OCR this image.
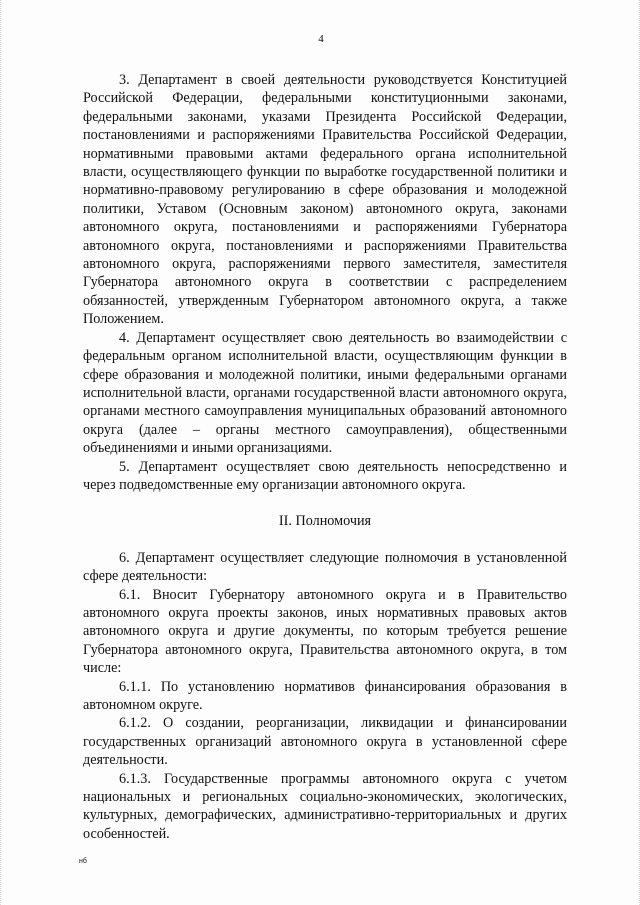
4

3. Департамент в своей деятельности руководствуется Конституцией Российской Федерации, федеральными конституционными законами, федеральными законами, указами Президента Российской Федерации, постановлениями и распоряжениями Правительства Российской Федерации, нормативными правовыми актами федерального органа исполнительной власти, осуществляющего функции по выработке государственной политики и нормативно-правовому регулированию в сфере образования и молодежной политики, Уставом (Основным законом) автономного округа, законами автономного округа, постановлениями и распоряжениями Губернатора автономного округа, постановлениями и распоряжениями Правительства автономного округа, распоряжениями первого заместителя, заместителя Губернатора автономного округа в соответствии с распределением обязанностей, утвержденным Губернатором автономного округа, а также Положением.

4. Департамент осуществляет свою деятельность во взаимодействии с федеральным органом исполнительной власти, осуществляющим функции в сфере образования и молодежной политики, иными федеральными органами исполнительной власти, органами государственной власти автономного округа, органами местного самоуправления муниципальных образований автономного округа (далее – органы местного самоуправления), общественными объединениями и иными организациями.

5. Департамент осуществляет свою деятельность непосредственно и через подведомственные ему организации автономного округа.

II. Полномочия

6. Департамент осуществляет следующие полномочия в установленной сфере деятельности:

6.1. Вносит Губернатору автономного округа и в Правительство автономного округа проекты законов, иных нормативных правовых актов автономного округа и другие документы, по которым требуется решение Губернатора автономного округа, Правительства автономного округа, в том числе:

6.1.1. По установлению нормативов финансирования образования в автономном округе.

6.1.2. О создании, реорганизации, ликвидации и финансировании государственных организаций автономного округа в установленной сфере деятельности.

6.1.3. Государственные программы автономного округа с учетом национальных и региональных социально-экономических, экологических, культурных, демографических, административно-территориальных и других особенностей.

нб
